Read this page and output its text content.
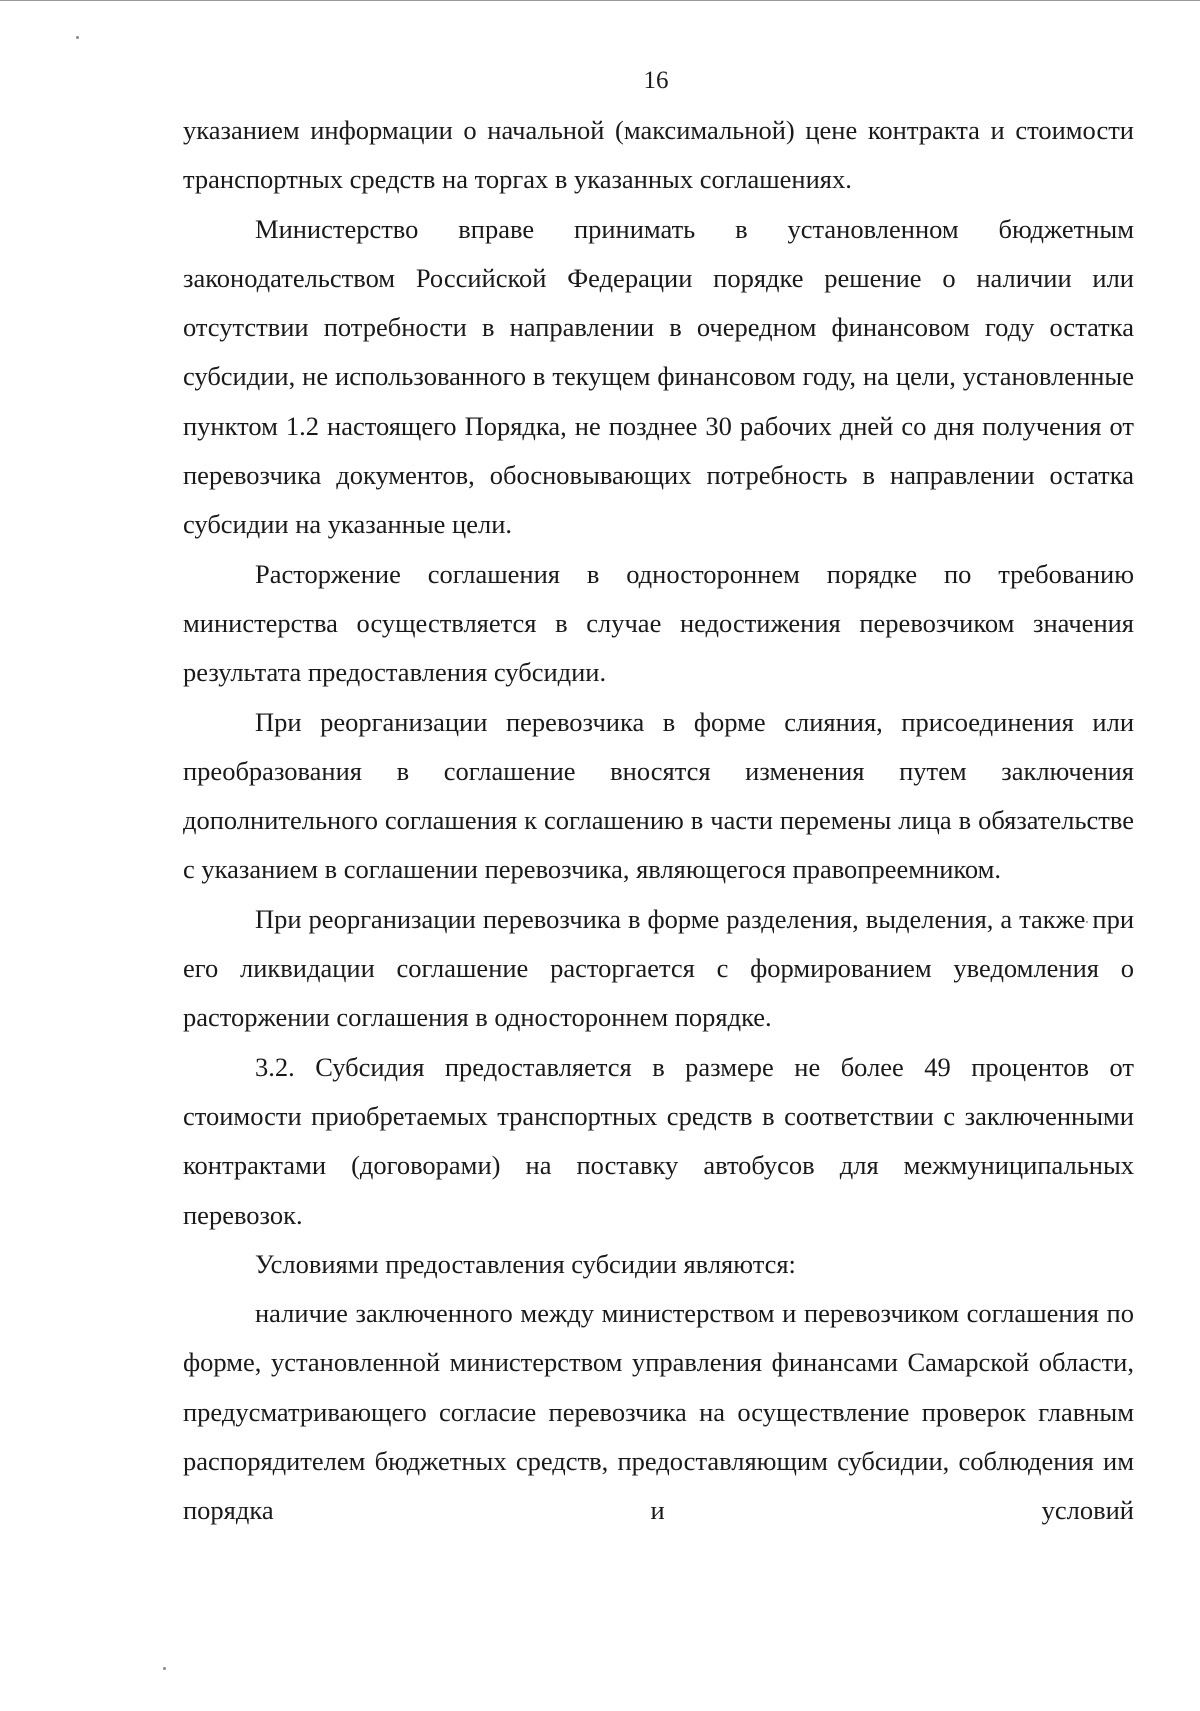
16

указанием информации о начальной (максимальной) цене контракта и стоимости транспортных средств на торгах в указанных соглашениях.

Министерство вправе принимать в установленном бюджетным законодательством Российской Федерации порядке решение о наличии или отсутствии потребности в направлении в очередном финансовом году остатка субсидии, не использованного в текущем финансовом году, на цели, установленные пунктом 1.2 настоящего Порядка, не позднее 30 рабочих дней со дня получения от перевозчика документов, обосновывающих потребность в направлении остатка субсидии на указанные цели.

Расторжение соглашения в одностороннем порядке по требованию министерства осуществляется в случае недостижения перевозчиком значения результата предоставления субсидии.

При реорганизации перевозчика в форме слияния, присоединения или преобразования в соглашение вносятся изменения путем заключения дополнительного соглашения к соглашению в части перемены лица в обязательстве с указанием в соглашении перевозчика, являющегося правопреемником.

При реорганизации перевозчика в форме разделения, выделения, а также при его ликвидации соглашение расторгается с формированием уведомления о расторжении соглашения в одностороннем порядке.

3.2. Субсидия предоставляется в размере не более 49 процентов от стоимости приобретаемых транспортных средств в соответствии с заключенными контрактами (договорами) на поставку автобусов для межмуниципальных перевозок.

Условиями предоставления субсидии являются:

наличие заключенного между министерством и перевозчиком соглашения по форме, установленной министерством управления финансами Самарской области, предусматривающего согласие перевозчика на осуществление проверок главным распорядителем бюджетных средств, предоставляющим субсидии, соблюдения им порядка и условий
